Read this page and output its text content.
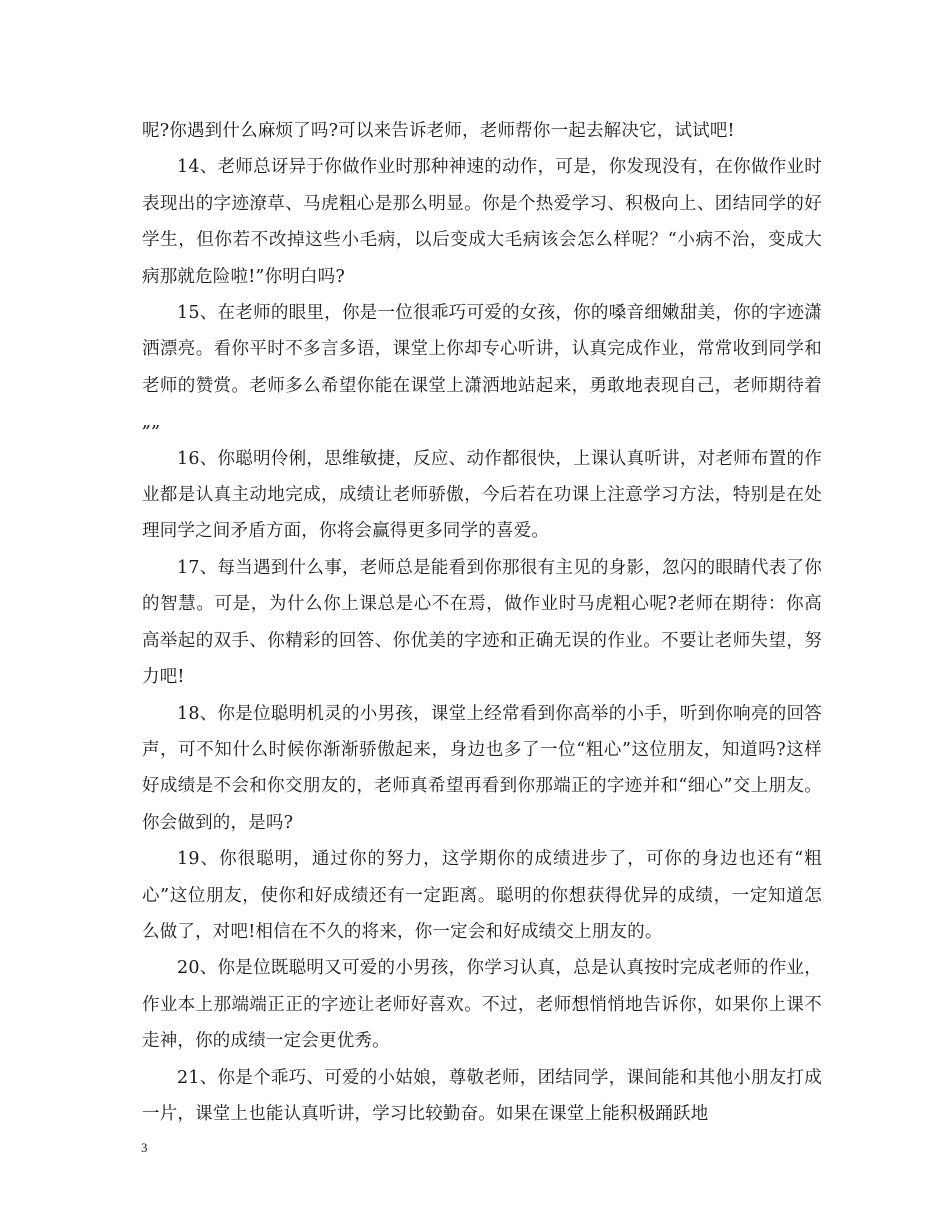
呢?你遇到什么麻烦了吗?可以来告诉老师，老师帮你一起去解决它，试试吧!

14、老师总讶异于你做作业时那种神速的动作，可是，你发现没有，在你做作业时表现出的字迹潦草、马虎粗心是那么明显。你是个热爱学习、积极向上、团结同学的好学生，但你若不改掉这些小毛病，以后变成大毛病该会怎么样呢？“小病不治，变成大病那就危险啦!”你明白吗?

15、在老师的眼里，你是一位很乖巧可爱的女孩，你的嗓音细嫩甜美，你的字迹潇洒漂亮。看你平时不多言多语，课堂上你却专心听讲，认真完成作业，常常收到同学和老师的赞赏。老师多么希望你能在课堂上潇洒地站起来，勇敢地表现自己，老师期待着„„

16、你聪明伶俐，思维敏捷，反应、动作都很快，上课认真听讲，对老师布置的作业都是认真主动地完成，成绩让老师骄傲，今后若在功课上注意学习方法，特别是在处理同学之间矛盾方面，你将会赢得更多同学的喜爱。

17、每当遇到什么事，老师总是能看到你那很有主见的身影，忽闪的眼睛代表了你的智慧。可是，为什么你上课总是心不在焉，做作业时马虎粗心呢?老师在期待：你高高举起的双手、你精彩的回答、你优美的字迹和正确无误的作业。不要让老师失望，努力吧!

18、你是位聪明机灵的小男孩，课堂上经常看到你高举的小手，听到你响亮的回答声，可不知什么时候你渐渐骄傲起来，身边也多了一位“粗心”这位朋友，知道吗?这样好成绩是不会和你交朋友的，老师真希望再看到你那端正的字迹并和“细心”交上朋友。你会做到的，是吗?

19、你很聪明，通过你的努力，这学期你的成绩进步了，可你的身边也还有“粗心”这位朋友，使你和好成绩还有一定距离。聪明的你想获得优异的成绩，一定知道怎么做了，对吧!相信在不久的将来，你一定会和好成绩交上朋友的。

20、你是位既聪明又可爱的小男孩，你学习认真，总是认真按时完成老师的作业，作业本上那端端正正的字迹让老师好喜欢。不过，老师想悄悄地告诉你，如果你上课不走神，你的成绩一定会更优秀。

21、你是个乖巧、可爱的小姑娘，尊敬老师，团结同学，课间能和其他小朋友打成一片，课堂上也能认真听讲，学习比较勤奋。如果在课堂上能积极踊跃地

3
